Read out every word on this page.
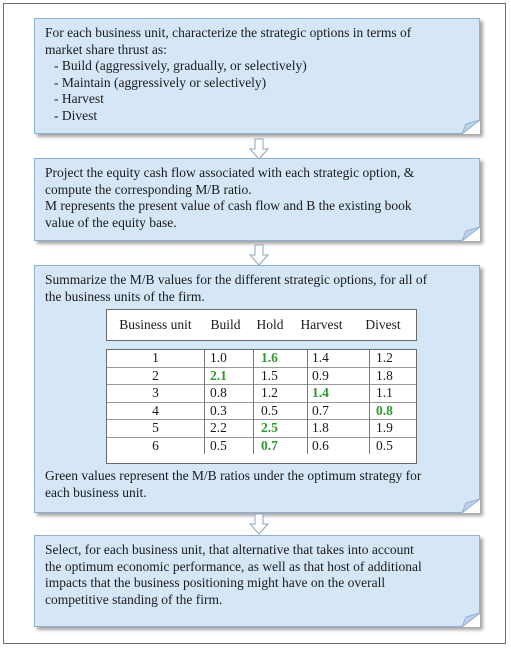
For each business unit, characterize the strategic options in terms of
market share thrust as:
- Build (aggressively, gradually, or selectively)
- Maintain (aggressively or selectively)
- Harvest
- Divest
Project the equity cash flow associated with each strategic option, &
compute the corresponding M/B ratio.
M represents the present value of cash flow and B the existing book
value of the equity base.
Summarize the M/B values for the different strategic options, for all of
the business units of the firm.
Business unit	Build	Hold	Harvest	Divest
1	1.0	1.6	1.4	1.2
2	2.1	1.5	0.9	1.8
3	0.8	1.2	1.4	1.1
4	0.3	0.5	0.7	0.8
5	2.2	2.5	1.8	1.9
6	0.5	0.7	0.6	0.5
Green values represent the M/B ratios under the optimum strategy for
each business unit.
Select, for each business unit, that alternative that takes into account
the optimum economic performance, as well as that host of additional
impacts that the business positioning might have on the overall
competitive standing of the firm.
